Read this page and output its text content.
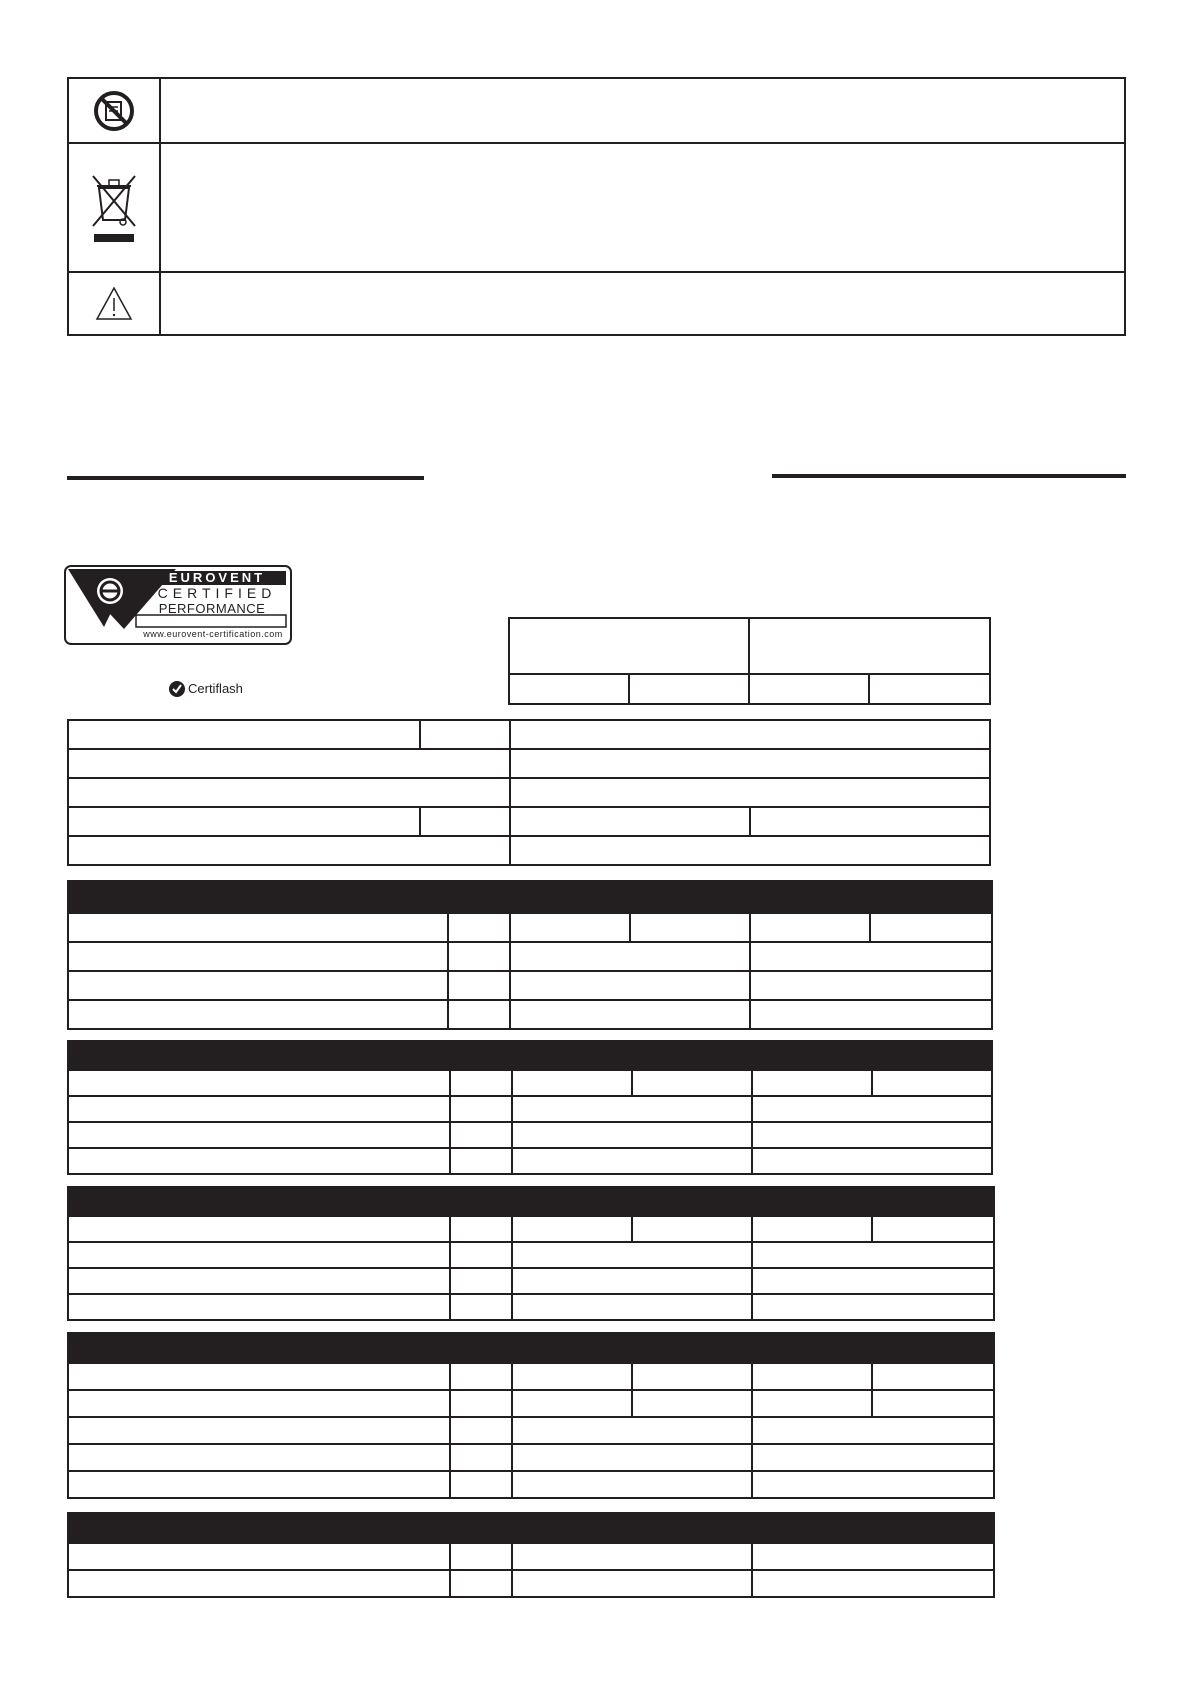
EUROVENT
CERTIFIED
PERFORMANCE
www.eurovent-certification.com
Certiflash
